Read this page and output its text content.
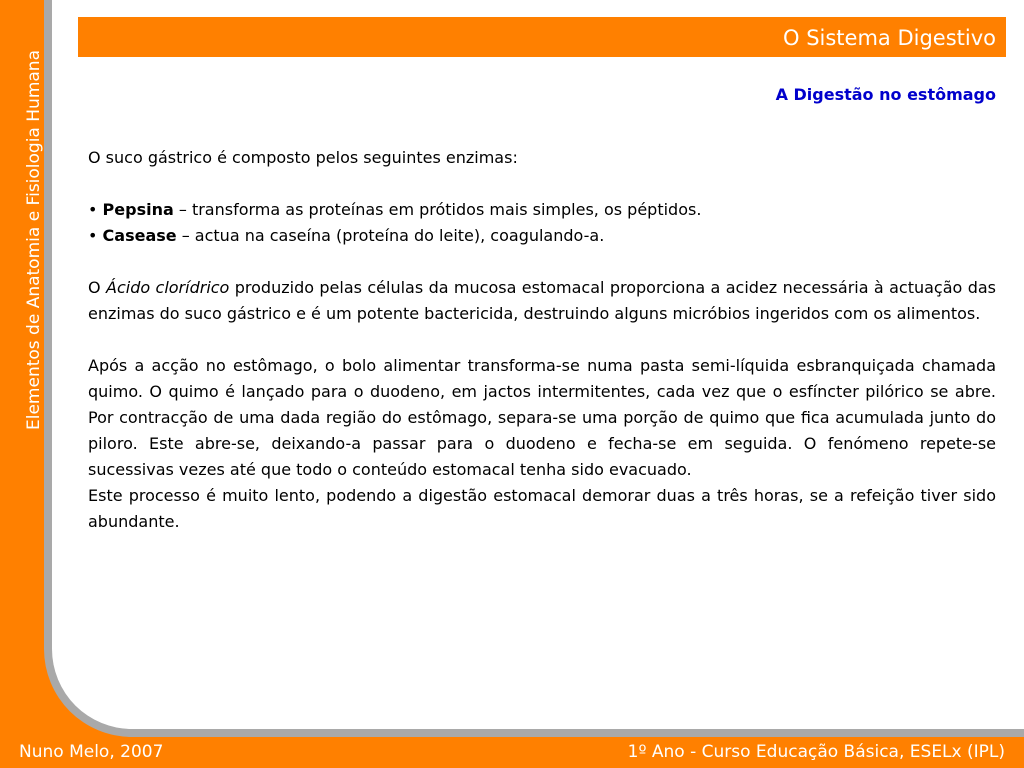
Elementos de Anatomia e Fisiologia Humana
O Sistema Digestivo
A Digestão no estômago

O suco gástrico é composto pelos seguintes enzimas:

• Pepsina – transforma as proteínas em prótidos mais simples, os péptidos.

• Casease – actua na caseína (proteína do leite), coagulando-a.

O Ácido clorídrico produzido pelas células da mucosa estomacal proporciona a acidez necessária à actuação das enzimas do suco gástrico e é um potente bactericida, destruindo alguns micróbios ingeridos com os alimentos.

Após a acção no estômago, o bolo alimentar transforma-se numa pasta semi-líquida esbranquiçada chamada quimo. O quimo é lançado para o duodeno, em jactos intermitentes, cada vez que o esfíncter pilórico se abre. Por contracção de uma dada região do estômago, separa-se uma porção de quimo que fica acumulada junto do piloro. Este abre-se, deixando-a passar para o duodeno e fecha-se em seguida. O fenómeno repete-se sucessivas vezes até que todo o conteúdo estomacal tenha sido evacuado.

Este processo é muito lento, podendo a digestão estomacal demorar duas a três horas, se a refeição tiver sido abundante.

Nuno Melo, 2007	1º Ano - Curso Educação Básica, ESELx (IPL)
